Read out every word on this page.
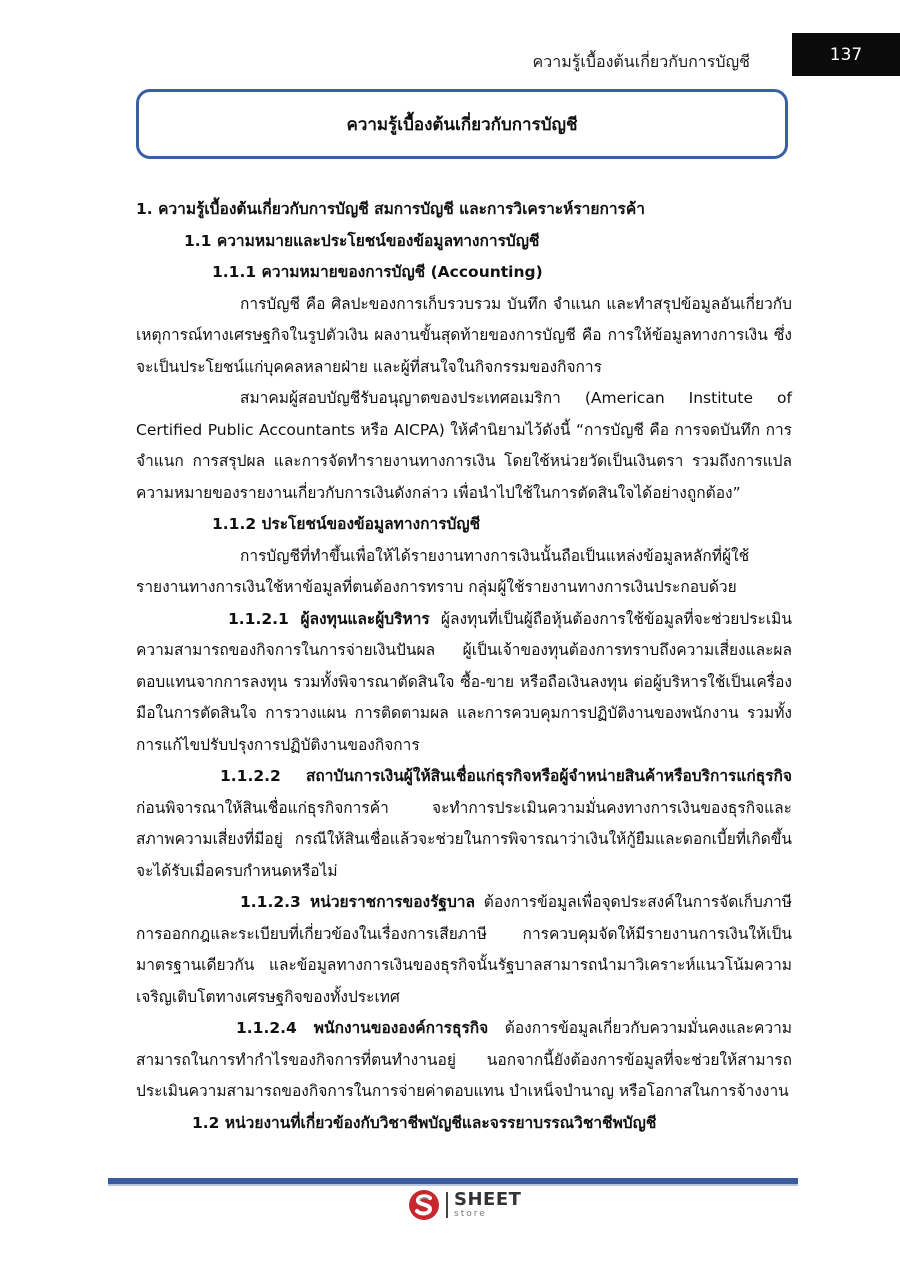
ความรู้เบื้องต้นเกี่ยวกับการบัญชี	137
ความรู้เบื้องต้นเกี่ยวกับการบัญชี

1. ความรู้เบื้องต้นเกี่ยวกับการบัญชี สมการบัญชี และการวิเคราะห์รายการค้า

1.1 ความหมายและประโยชน์ของข้อมูลทางการบัญชี

1.1.1 ความหมายของการบัญชี (Accounting)

การบัญชี คือ ศิลปะของการเก็บรวบรวม บันทึก จำแนก และทำสรุปข้อมูลอันเกี่ยวกับเหตุการณ์ทางเศรษฐกิจในรูปตัวเงิน ผลงานขั้นสุดท้ายของการบัญชี คือ การให้ข้อมูลทางการเงิน ซึ่งจะเป็นประโยชน์แก่บุคคลหลายฝ่าย และผู้ที่สนใจในกิจกรรมของกิจการ

สมาคมผู้สอบบัญชีรับอนุญาตของประเทศอเมริกา (American Institute of Certified Public Accountants หรือ AICPA) ให้คำนิยามไว้ดังนี้ “การบัญชี คือ การจดบันทึก การจำแนก การสรุปผล และการจัดทำรายงานทางการเงิน โดยใช้หน่วยวัดเป็นเงินตรา รวมถึงการแปลความหมายของรายงานเกี่ยวกับการเงินดังกล่าว เพื่อนำไปใช้ในการตัดสินใจได้อย่างถูกต้อง”

1.1.2 ประโยชน์ของข้อมูลทางการบัญชี

การบัญชีที่ทำขึ้นเพื่อให้ได้รายงานทางการเงินนั้นถือเป็นแหล่งข้อมูลหลักที่ผู้ใช้รายงานทางการเงินใช้หาข้อมูลที่ตนต้องการทราบ กลุ่มผู้ใช้รายงานทางการเงินประกอบด้วย

1.1.2.1 ผู้ลงทุนและผู้บริหาร ผู้ลงทุนที่เป็นผู้ถือหุ้นต้องการใช้ข้อมูลที่จะช่วยประเมินความสามารถของกิจการในการจ่ายเงินปันผล ผู้เป็นเจ้าของทุนต้องการทราบถึงความเสี่ยงและผลตอบแทนจากการลงทุน รวมทั้งพิจารณาตัดสินใจ ซื้อ-ขาย หรือถือเงินลงทุน ต่อผู้บริหารใช้เป็นเครื่องมือในการตัดสินใจ การวางแผน การติดตามผล และการควบคุมการปฏิบัติงานของพนักงาน รวมทั้งการแก้ไขปรับปรุงการปฏิบัติงานของกิจการ

1.1.2.2 สถาบันการเงินผู้ให้สินเชื่อแก่ธุรกิจหรือผู้จำหน่ายสินค้าหรือบริการแก่ธุรกิจ ก่อนพิจารณาให้สินเชื่อแก่ธุรกิจการค้า จะทำการประเมินความมั่นคงทางการเงินของธุรกิจและสภาพความเสี่ยงที่มีอยู่ กรณีให้สินเชื่อแล้วจะช่วยในการพิจารณาว่าเงินให้กู้ยืมและดอกเบี้ยที่เกิดขึ้นจะได้รับเมื่อครบกำหนดหรือไม่

1.1.2.3 หน่วยราชการของรัฐบาล ต้องการข้อมูลเพื่อจุดประสงค์ในการจัดเก็บภาษี การออกกฎและระเบียบที่เกี่ยวข้องในเรื่องการเสียภาษี การควบคุมจัดให้มีรายงานการเงินให้เป็นมาตรฐานเดียวกัน และข้อมูลทางการเงินของธุรกิจนั้นรัฐบาลสามารถนำมาวิเคราะห์แนวโน้มความเจริญเติบโตทางเศรษฐกิจของทั้งประเทศ

1.1.2.4 พนักงานขององค์การธุรกิจ ต้องการข้อมูลเกี่ยวกับความมั่นคงและความสามารถในการทำกำไรของกิจการที่ตนทำงานอยู่ นอกจากนี้ยังต้องการข้อมูลที่จะช่วยให้สามารถประเมินความสามารถของกิจการในการจ่ายค่าตอบแทน บำเหน็จบำนาญ หรือโอกาสในการจ้างงาน

1.2 หน่วยงานที่เกี่ยวข้องกับวิชาชีพบัญชีและจรรยาบรรณวิชาชีพบัญชี

SHEET
store
